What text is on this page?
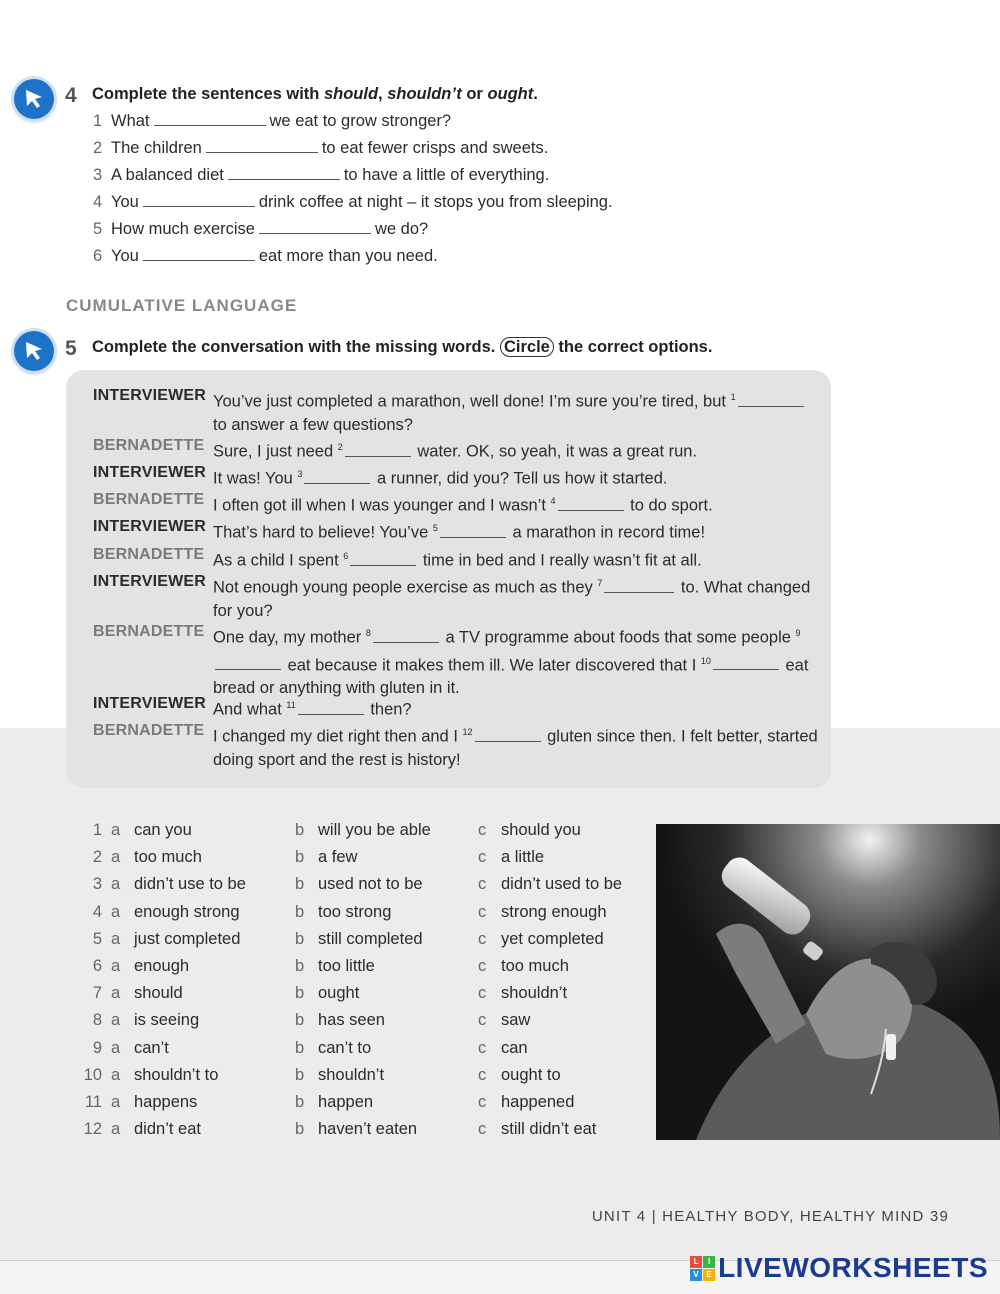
4 Complete the sentences with should, shouldn’t or ought.
1 What	we eat to grow stronger?
2 The children	to eat fewer crisps and sweets.
3 A balanced diet	to have a little of everything.
4 You	drink coffee at night – it stops you from sleeping.
5 How much exercise	we do?
6 You	eat more than you need.
CUMULATIVE LANGUAGE
5 Complete the conversation with the missing words. Circle the correct options.
INTERVIEWER You’ve just completed a marathon, well done! I’m sure you’re tired, but $^1$ to answer a few questions?
BERNADETTE Sure, I just need $^2$	water. OK, so yeah, it was a great run.
INTERVIEWER It was! You $^3$	a runner, did you? Tell us how it started.
BERNADETTE I often got ill when I was younger and I wasn’t $^4$	to do sport.
INTERVIEWER That’s hard to believe! You’ve $^5$	a marathon in record time!
BERNADETTE As a child I spent $^6$	time in bed and I really wasn’t fit at all.
INTERVIEWER Not enough young people exercise as much as they $^7$	to. What changed for you?
BERNADETTE One day, my mother $^8$	a TV programme about foods that some people $^9$ eat because it makes them ill. We later discovered that I $^{10}$	eat bread or anything with gluten in it.
INTERVIEWER And what $^{11}$	then?
BERNADETTE I changed my diet right then and I $^{12}$	gluten since then. I felt better, started doing sport and the rest is history!
1 a can you	b will you be able	c should you
2 a too much	b a few	c a little
3 a didn’t use to be	b used not to be	c didn’t used to be
4 a enough strong	b too strong	c strong enough
5 a just completed	b still completed	c yet completed
6 a enough	b too little	c too much
7 a should	b ought	c shouldn’t
8 a is seeing	b has seen	c saw
9 a can’t	b can’t to	c can
10 a shouldn’t to	b shouldn’t	c ought to
11 a happens	b happen	c happened
12 a didn’t eat	b haven’t eaten	c still didn’t eat
UNIT 4 | HEALTHY BODY, HEALTHY MIND 39
L	I
V E LIVEWORKSHEETS
